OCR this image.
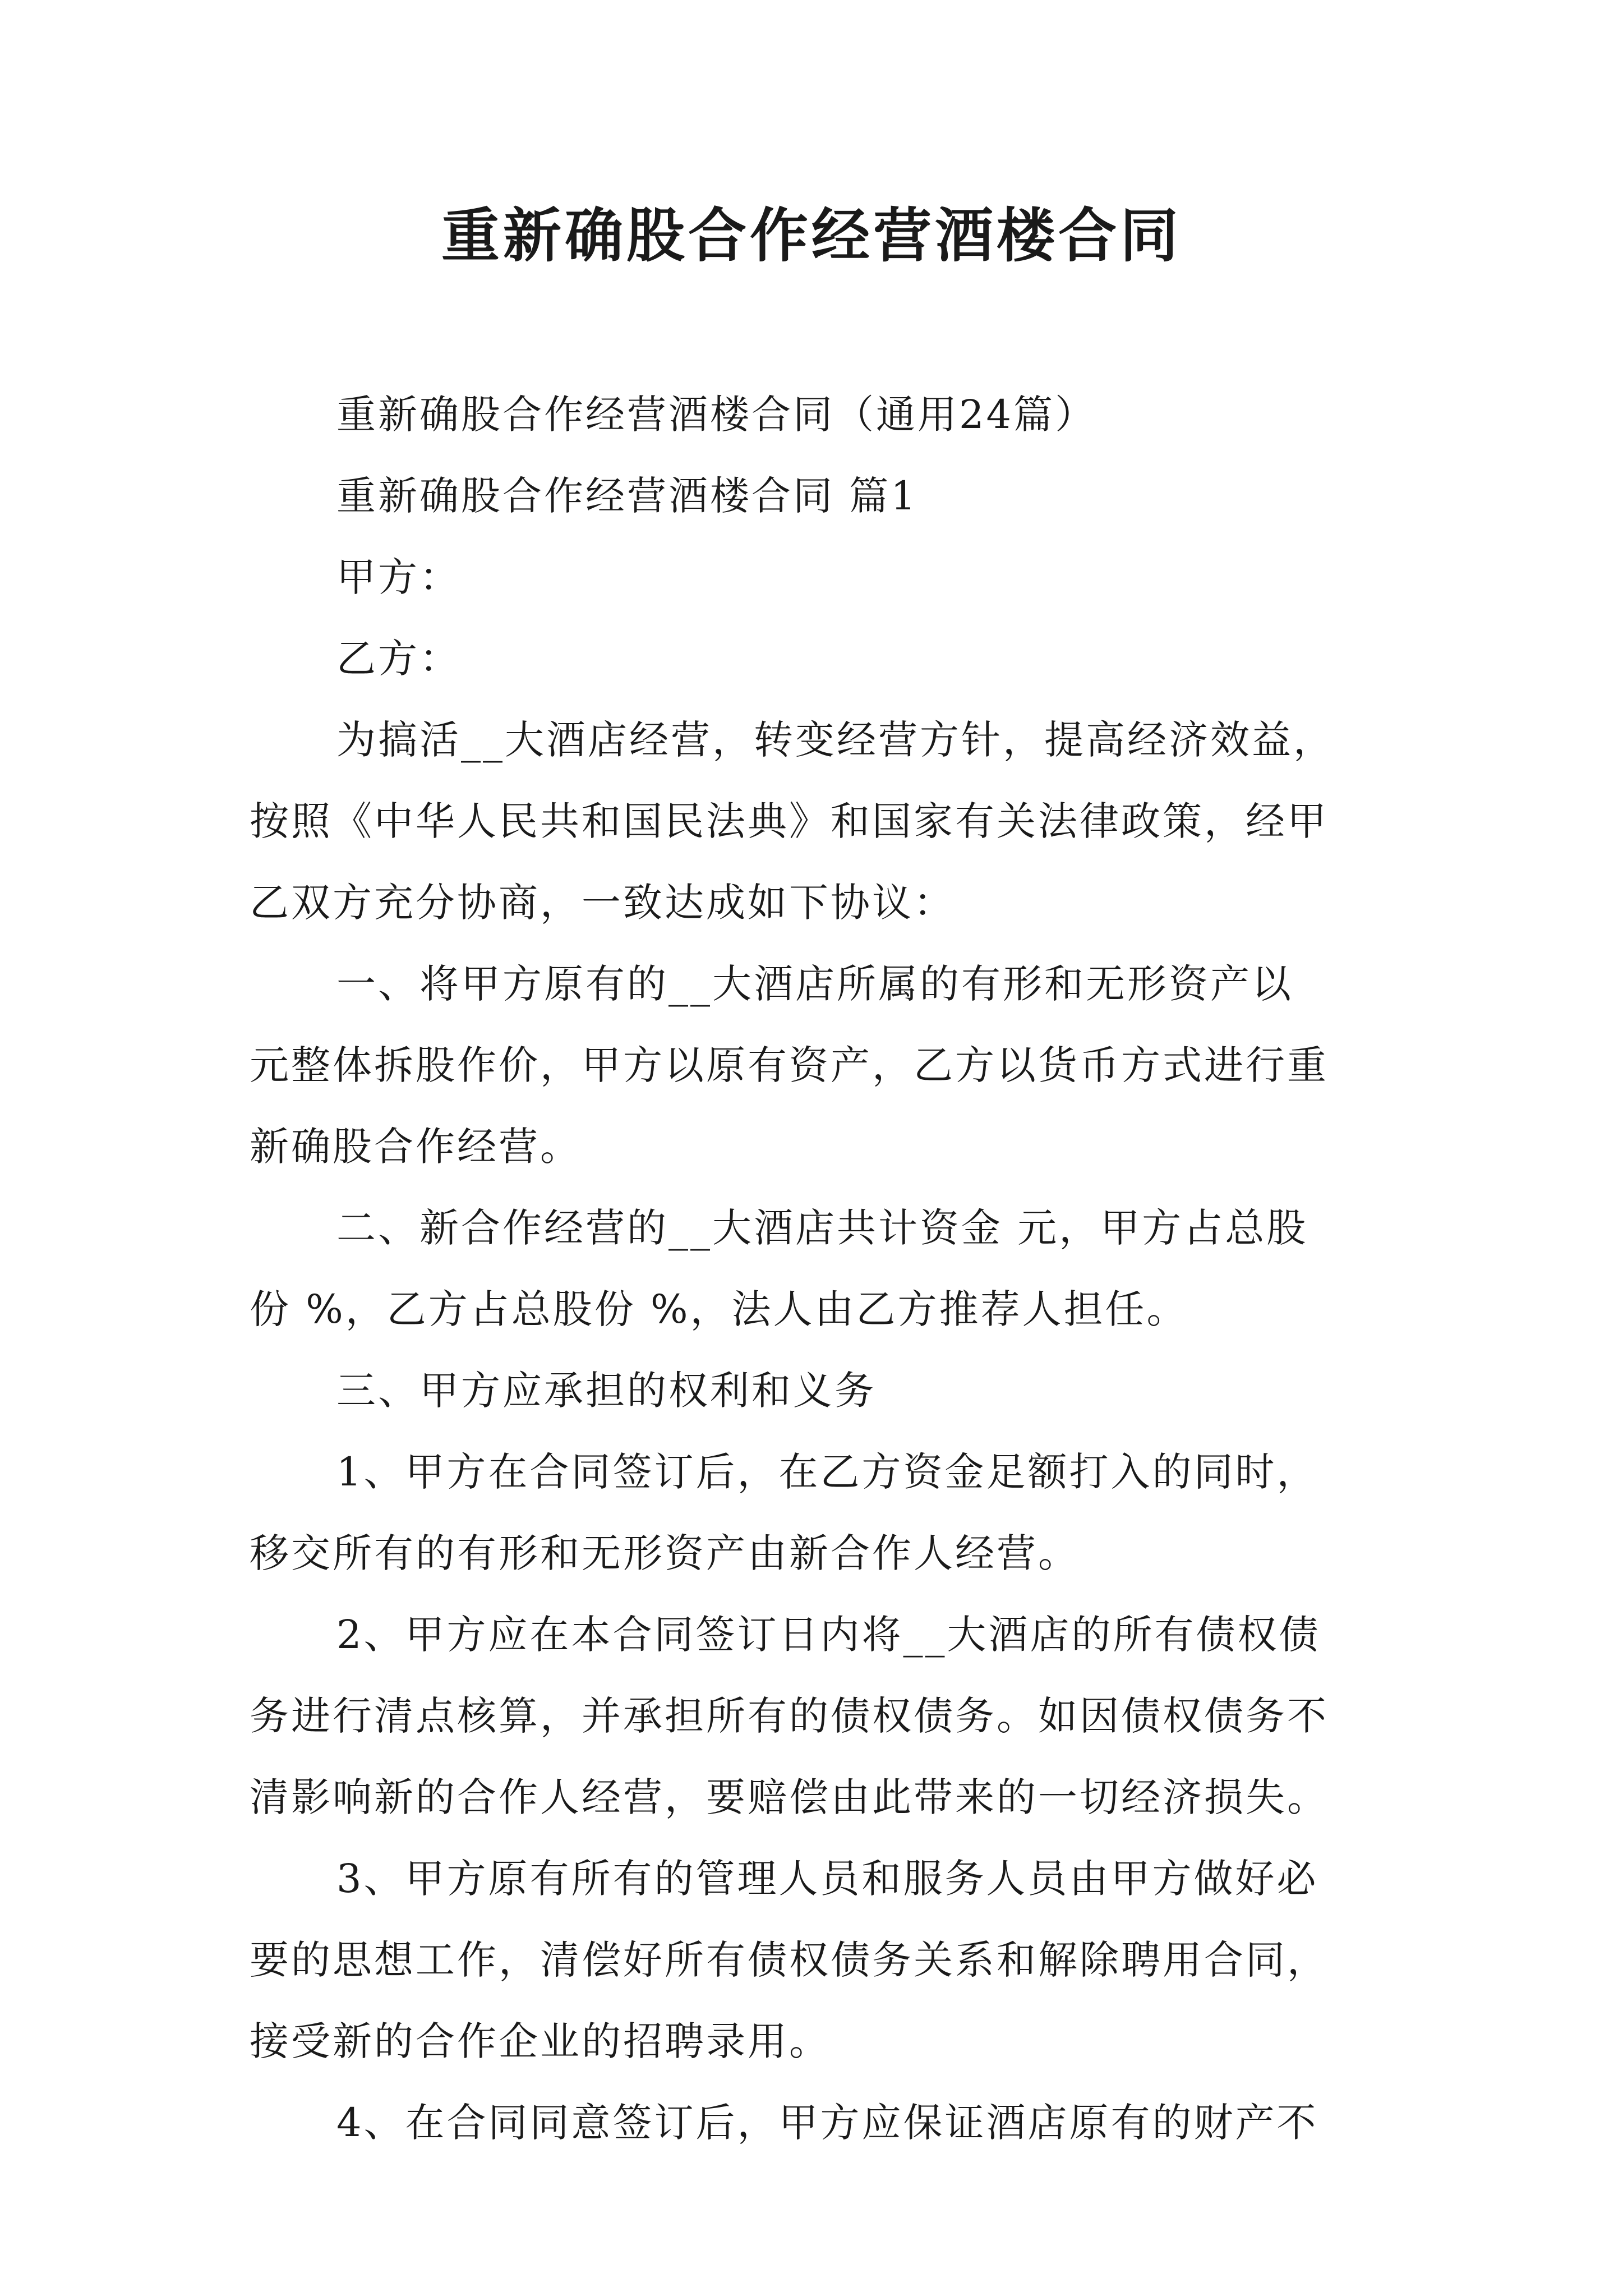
重新确股合作经营酒楼合同

重新确股合作经营酒楼合同（通用24篇）

重新确股合作经营酒楼合同 篇1

甲方：

乙方：

为搞活__大酒店经营，转变经营方针，提高经济效益，
按照《中华人民共和国民法典》和国家有关法律政策，经甲
乙双方充分协商，一致达成如下协议：

一、将甲方原有的__大酒店所属的有形和无形资产以
元整体拆股作价，甲方以原有资产，乙方以货币方式进行重
新确股合作经营。

二、新合作经营的__大酒店共计资金 元，甲方占总股
份 %，乙方占总股份 %，法人由乙方推荐人担任。

三、甲方应承担的权利和义务

1、甲方在合同签订后，在乙方资金足额打入的同时，
移交所有的有形和无形资产由新合作人经营。

2、甲方应在本合同签订日内将__大酒店的所有债权债
务进行清点核算，并承担所有的债权债务。如因债权债务不
清影响新的合作人经营，要赔偿由此带来的一切经济损失。

3、甲方原有所有的管理人员和服务人员由甲方做好必
要的思想工作，清偿好所有债权债务关系和解除聘用合同，
接受新的合作企业的招聘录用。

4、在合同同意签订后，甲方应保证酒店原有的财产不
